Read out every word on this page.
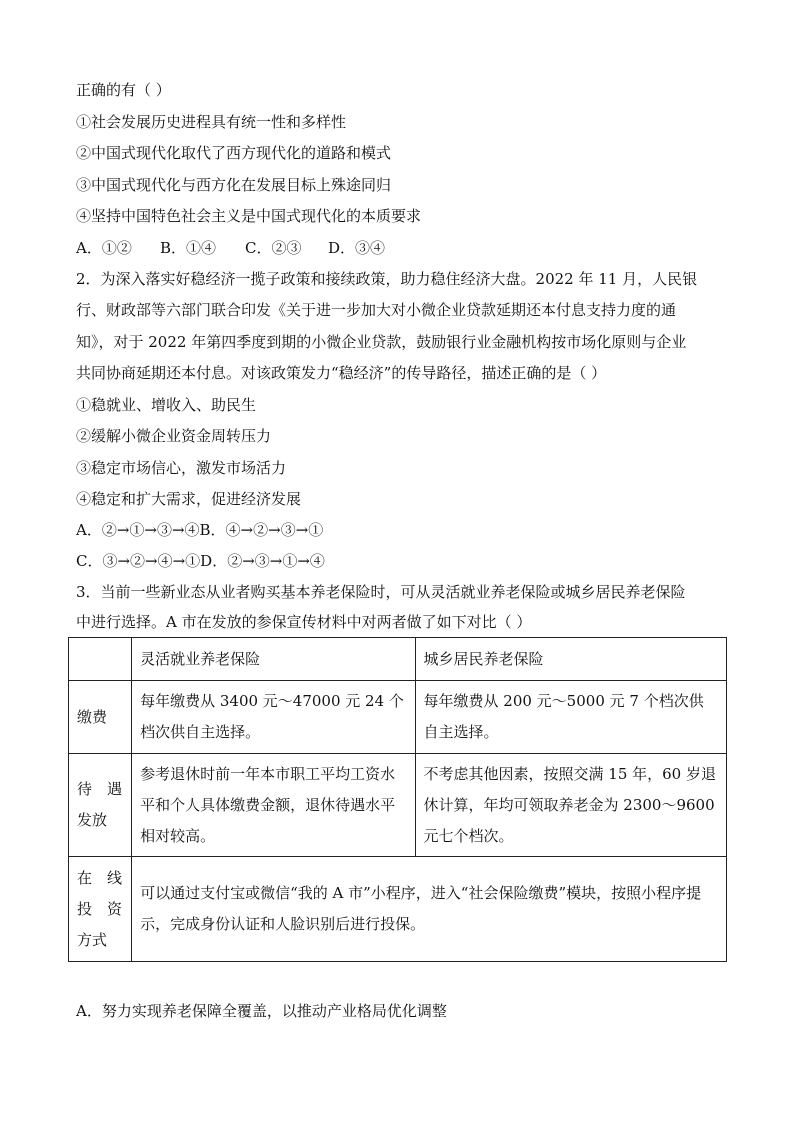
正确的有（ ）
①社会发展历史进程具有统一性和多样性
②中国式现代化取代了西方现代化的道路和模式
③中国式现代化与西方化在发展目标上殊途同归
④坚持中国特色社会主义是中国式现代化的本质要求
A．①② B．①④ C．②③ D．③④
2．为深入落实好稳经济一揽子政策和接续政策，助力稳住经济大盘。2022 年 11 月，人民银
行、财政部等六部门联合印发《关于进一步加大对小微企业贷款延期还本付息支持力度的通
知》，对于 2022 年第四季度到期的小微企业贷款，鼓励银行业金融机构按市场化原则与企业
共同协商延期还本付息。对该政策发力“稳经济”的传导路径，描述正确的是（ ）
①稳就业、增收入、助民生
②缓解小微企业资金周转压力
③稳定市场信心，激发市场活力
④稳定和扩大需求，促进经济发展
A．②→①→③→④B．④→②→③→①
C．③→②→④→①D．②→③→①→④
3．当前一些新业态从业者购买基本养老保险时，可从灵活就业养老保险或城乡居民养老保险
中进行选择。A 市在发放的参保宣传材料中对两者做了如下对比（ ）
	灵活就业养老保险	城乡居民养老保险
缴费	每年缴费从 3400 元～47000 元 24 个档次供自主选择。	每年缴费从 200 元～5000 元 7 个档次供自主选择。

待　遇
发放	参考退休时前一年本市职工平均工资水平和个人具体缴费金额，退休待遇水平相对较高。	不考虑其他因素，按照交满 15 年，60 岁退休计算，年均可领取养老金为 2300～9600 元七个档次。

在　线
投　资
方式	可以通过支付宝或微信“我的 A 市”小程序，进入“社会保险缴费”模块，按照小程序提示，完成身份认证和人脸识别后进行投保。	
A．努力实现养老保障全覆盖，以推动产业格局优化调整
